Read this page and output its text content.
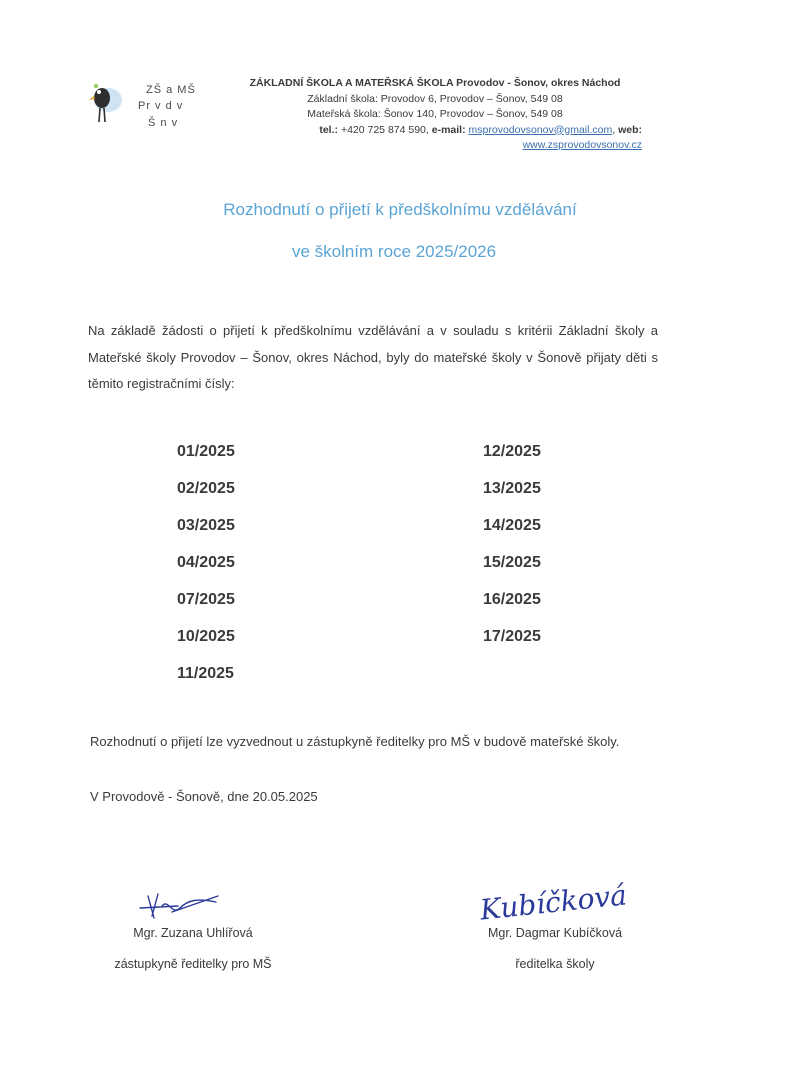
ZŠ a MŠ
Pr v d v
Š n v
ZÁKLADNÍ ŠKOLA A MATEŘSKÁ ŠKOLA Provodov - Šonov, okres Náchod
Základní škola: Provodov 6, Provodov – Šonov, 549 08
Mateřská škola: Šonov 140, Provodov – Šonov, 549 08
tel.: +420 725 874 590, e-mail: msprovodovsonov@gmail.com, web: www.zsprovodovsonov.cz
Rozhodnutí o přijetí k předškolnímu vzdělávání
ve školním roce 2025/2026
Na základě žádosti o přijetí k předškolnímu vzdělávání a v souladu s kritérii Základní školy a Mateřské školy Provodov – Šonov, okres Náchod, byly do mateřské školy v Šonově přijaty děti s těmito registračními čísly:
01/2025
02/2025
03/2025
04/2025
07/2025
10/2025
11/2025
12/2025
13/2025
14/2025
15/2025
16/2025
17/2025
Rozhodnutí o přijetí lze vyzvednout u zástupkyně ředitelky pro MŠ v budově mateřské školy.
V Provodově - Šonově, dne 20.05.2025
Mgr. Zuzana Uhlířová
zástupkyně ředitelky pro MŠ
Kubíčková
Mgr. Dagmar Kubíčková
ředitelka školy
